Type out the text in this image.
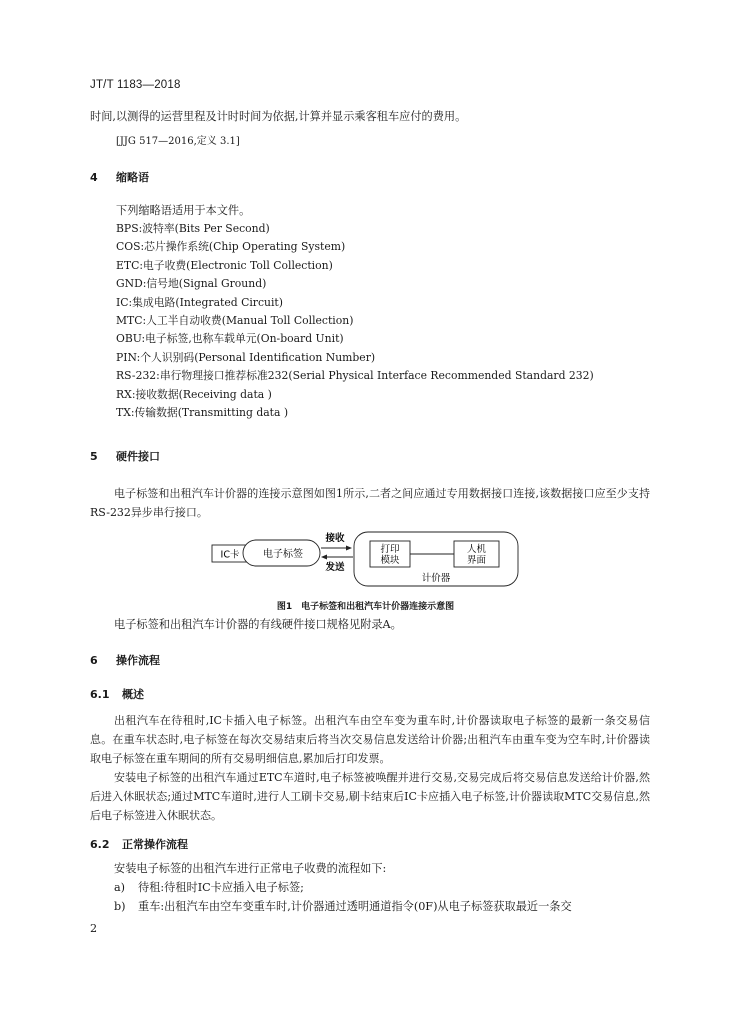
JT/T 1183—2018
时间,以测得的运营里程及计时时间为依据,计算并显示乘客租车应付的费用。
[JJG 517—2016,定义 3.1]
4 缩略语
下列缩略语适用于本文件。
BPS:波特率(Bits Per Second)
COS:芯片操作系统(Chip Operating System)
ETC:电子收费(Electronic Toll Collection)
GND:信号地(Signal Ground)
IC:集成电路(Integrated Circuit)
MTC:人工半自动收费(Manual Toll Collection)
OBU:电子标签,也称车载单元(On-board Unit)
PIN:个人识别码(Personal Identification Number)
RS-232:串行物理接口推荐标准232(Serial Physical Interface Recommended Standard 232)
RX:接收数据(Receiving data )
TX:传输数据(Transmitting data )
5 硬件接口
电子标签和出租汽车计价器的连接示意图如图1所示,二者之间应通过专用数据接口连接,该数据接口应至少支持RS-232异步串行接口。
IC卡 电子标签
接收
发送
打印
模块
人机
界面
计价器
图1　电子标签和出租汽车计价器连接示意图
电子标签和出租汽车计价器的有线硬件接口规格见附录A。
6 操作流程
6.1 概述
出租汽车在待租时,IC卡插入电子标签。出租汽车由空车变为重车时,计价器读取电子标签的最新一条交易信息。在重车状态时,电子标签在每次交易结束后将当次交易信息发送给计价器;出租汽车由重车变为空车时,计价器读取电子标签在重车期间的所有交易明细信息,累加后打印发票。
安装电子标签的出租汽车通过ETC车道时,电子标签被唤醒并进行交易,交易完成后将交易信息发送给计价器,然后进入休眠状态;通过MTC车道时,进行人工刷卡交易,刷卡结束后IC卡应插入电子标签,计价器读取MTC交易信息,然后电子标签进入休眠状态。
6.2 正常操作流程
安装电子标签的出租汽车进行正常电子收费的流程如下:
a) 待租:待租时IC卡应插入电子标签;
b) 重车:出租汽车由空车变重车时,计价器通过透明通道指令(0F)从电子标签获取最近一条交
2
